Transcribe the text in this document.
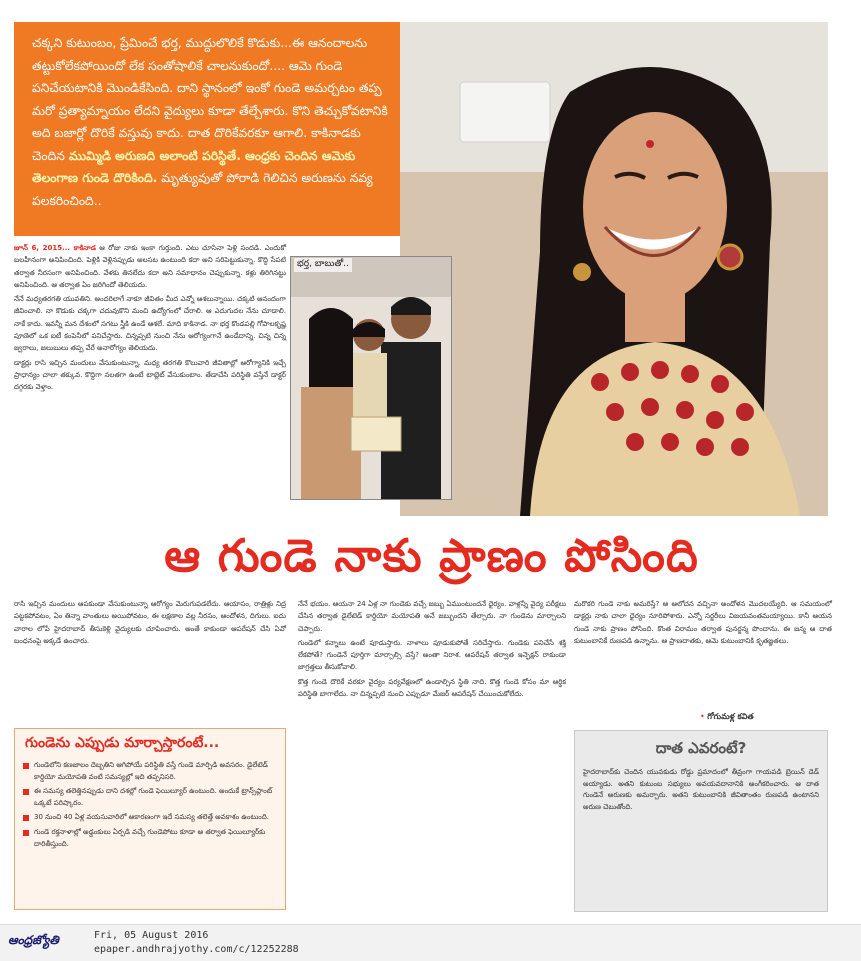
చక్కని కుటుంబం, ప్రేమించే భర్త, ముద్దులొలికే కొడుకు...ఈ ఆనందాలను తట్టుకోలేకపోయిందో లేక సంతోషాలికే చాలనుకుందో.... ఆమె గుండె పనిచేయటానికి మొండికేసింది. దాని స్థానంలో ఇంకో గుండె అమర్చటం తప్ప మరో ప్రత్యామ్నాయం లేదని వైద్యులు కూడా తేల్చేశారు. కొని తెచ్చుకోవటానికి అది బజార్లో దొరికే వస్తువు కాదు. దాత దొరికేవరకూ ఆగాలి. కాకినాడకు చెందిన ముమ్మిడి అరుణది అలాంటి పరిస్థితే. ఆంధ్రకు చెందిన ఆమెకు తెలంగాణ గుండె దొరికింది. మృత్యువుతో పోరాడి గెలిచిన అరుణను నవ్య పలకరించింది..

భర్త, బాబుతో..

జూన్ 6, 2015... కాకినాడ ఆ రోజు నాకు ఇంకా గుర్తుంది. ఎటు చూసినా పెళ్లి సందడి. ఎందుకో బలహీనంగా అనిపించింది. పెళ్లికి వెళ్లినప్పుడు అలసట ఉంటుంది కదా అని సరిపెట్టుకున్నా. కొద్ది సేపటి తర్వాత నీరసంగా అనిపించింది. వేళకు తినలేదు కదా అని సమాధానం చెప్పుకున్నా. కళ్లు తిరిగినట్టు అనిపించింది. ఆ తర్వాత ఏం జరిగిందో తెలియదు.

నేనే మధ్యతరగతి యువతిని. అందరిలాగే నాకూ జీవితం మీద ఎన్నో ఆశలున్నాయి. చక్కటి ఆనందంగా జీవించాలి. నా కొడుకు చక్కగా చదువుకొని మంచి ఉద్యోగంలో చేరాలి. ఆ ఎదుగుదల నేను చూడాలి. నాకే కాదు. ఇవన్నీ మన దేశంలో సగటు స్త్రీకి ఉండే ఆశలే. మాది కాకినాడ. నా భర్త కొండపల్లి గోపాలకృష్ణ పూణెలో ఒక ఐటీ కంపెనీలో పనిచేస్తారు. చిన్నప్పటి నుంచి నేను ఆరోగ్యంగానే ఉండేదాన్ని. చిన్న చిన్న జ్వరాలు, జలుబులు తప్ప వేరే అనారోగ్యం తెలియదు.

డాక్టర్లు రాసి ఇచ్చిన మందులు వేసుకుంటున్నా. మధ్య తరగతి కొలువారి జీవితాల్లో ఆరోగ్యానికి ఇచ్చే ప్రాధాన్యం చాలా తక్కువ. కొద్దిగా నలతగా ఉంటే టాబ్లెట్ వేసుకుంటాం. తేడాచేసి పరిస్థితి వస్తేనే డాక్టర్ దగ్గరకు వెళ్తాం.

ఆ గుండె నాకు ప్రాణం పోసింది

రాసి ఇచ్చిన మందులు ఆపకుండా వేసుకుంటున్నా ఆరోగ్యం మెరుగుపడలేదు. ఆయాసం, రాత్రిళ్లు నిద్ర పట్టకపోవటం, ఏం తిన్నా వాంతులు అయిపోవటం, ఈ లక్షణాల వల్ల నీరసం, ఆందోళన, దిగులు. ఐదు వారాల లోపే హైదరాబాద్ తీసుకెళ్లి వైద్యులకు చూపించారు. అంతే కాకుండా ఆపరేషన్ చేసి ఏవో బంధనంపై అక్కడే ఉంచారు.

నేనే భయం. ఆయనా 24 ఏళ్ల నా గుండెకు వచ్చే జబ్బు ఏముంటుందనే ధైర్యం. వాళ్లన్నీ వైద్య పరీక్షలు చేసిన తర్వాత డైలేటెడ్ కార్డియో మయోపతి అనే జబ్బుందని తేల్చారు. నా గుండెను మార్చాలని చెప్పారు.

గుండెలో కన్నాలు ఉంటే పూడుస్తారు. నాళాలు పూడుకుపోతే సరిచేస్తారు. గుండెకు పనిచేసే శక్తి లేకపోతే? గుండెనే పూర్తిగా మార్చాల్సి వస్తే? అంతా నిరాశ. ఆపరేషన్ తర్వాత ఇన్ఫెక్షన్ రాకుండా జాగ్రత్తలు తీసుకోవాలి.

కొత్త గుండె దొరికే వరకూ వైద్యం పర్యవేక్షణలో ఉండాల్సిన స్థితి నాది. కొత్త గుండె కోసం మా ఆర్థిక పరిస్థితి బాగాలేదు. నా చిన్నప్పటి నుంచి ఎప్పుడూ మేజర్ ఆపరేషన్ చేయించుకోలేదు.

మరొకరి గుండె నాకు అమరిస్తే? ఆ ఆలోచన వచ్చినా అందోళన మొదలయ్యేది. ఆ సమయంలో డాక్టర్లు నాకు చాలా ధైర్యం నూరిపోశారు. ఎన్నో సర్జరీలు విజయవంతమయ్యాయి. కానీ ఆయన గుండె నాకు ప్రాణం పోసింది. కొంత విరామం తర్వాత పునర్జన్మ పొందాను. ఈ జన్మ ఆ దాత కుటుంబానికే రుణపడి ఉన్నాను. ఆ ప్రాణదాతకు, ఆమె కుటుంబానికి కృతజ్ఞతలు.

• గోగుమళ్ల కవిత
గుండెను ఎప్పుడు మార్చాస్తారంటే...
గుండెలోని కణజాలం దెబ్బతిని ఆగిపోయే పరిస్థితి వస్తే గుండె మార్పిడి అవసరం. డైలేటెడ్ కార్డియో మయోపతి వంటి సమస్యల్లో ఇది తప్పనిసరి.
ఈ సమస్య తలెత్తినప్పుడు దాని దశల్లో గుండె ఫెయిల్యూర్ ఉంటుంది. అందుకే ట్రాన్స్‌ప్లాంట్ ఒక్కటే పరిష్కారం.
30 నుంచి 40 ఏళ్ల వయసువారిలో ఆకారణంగా ఇదే సమస్య తలెత్తే అవకాశం ఉంటుంది.
గుండె రక్తనాళాల్లో అడ్డంకులు ఏర్పడి వచ్చే గుండెపోటు కూడా ఆ తర్వాత ఫెయిల్యూర్‌కు దారితీస్తుంది.
దాత ఎవరంటే?
హైదరాబాద్‌కు చెందిన యువకుడు రోడ్డు ప్రమాదంలో తీవ్రంగా గాయపడి బ్రెయిన్ డెడ్ అయ్యాడు. అతని కుటుంబ సభ్యులు అవయవదానానికి అంగీకరించారు. ఆ దాత గుండెనే అరుణకు అమర్చారు. అతని కుటుంబానికి జీవితాంతం రుణపడి ఉంటానని అరుణ చెబుతోంది.
ఆంధ్రజ్యోతి	Fri, 05 August 2016
epaper.andhrajyothy.com/c/12252288
